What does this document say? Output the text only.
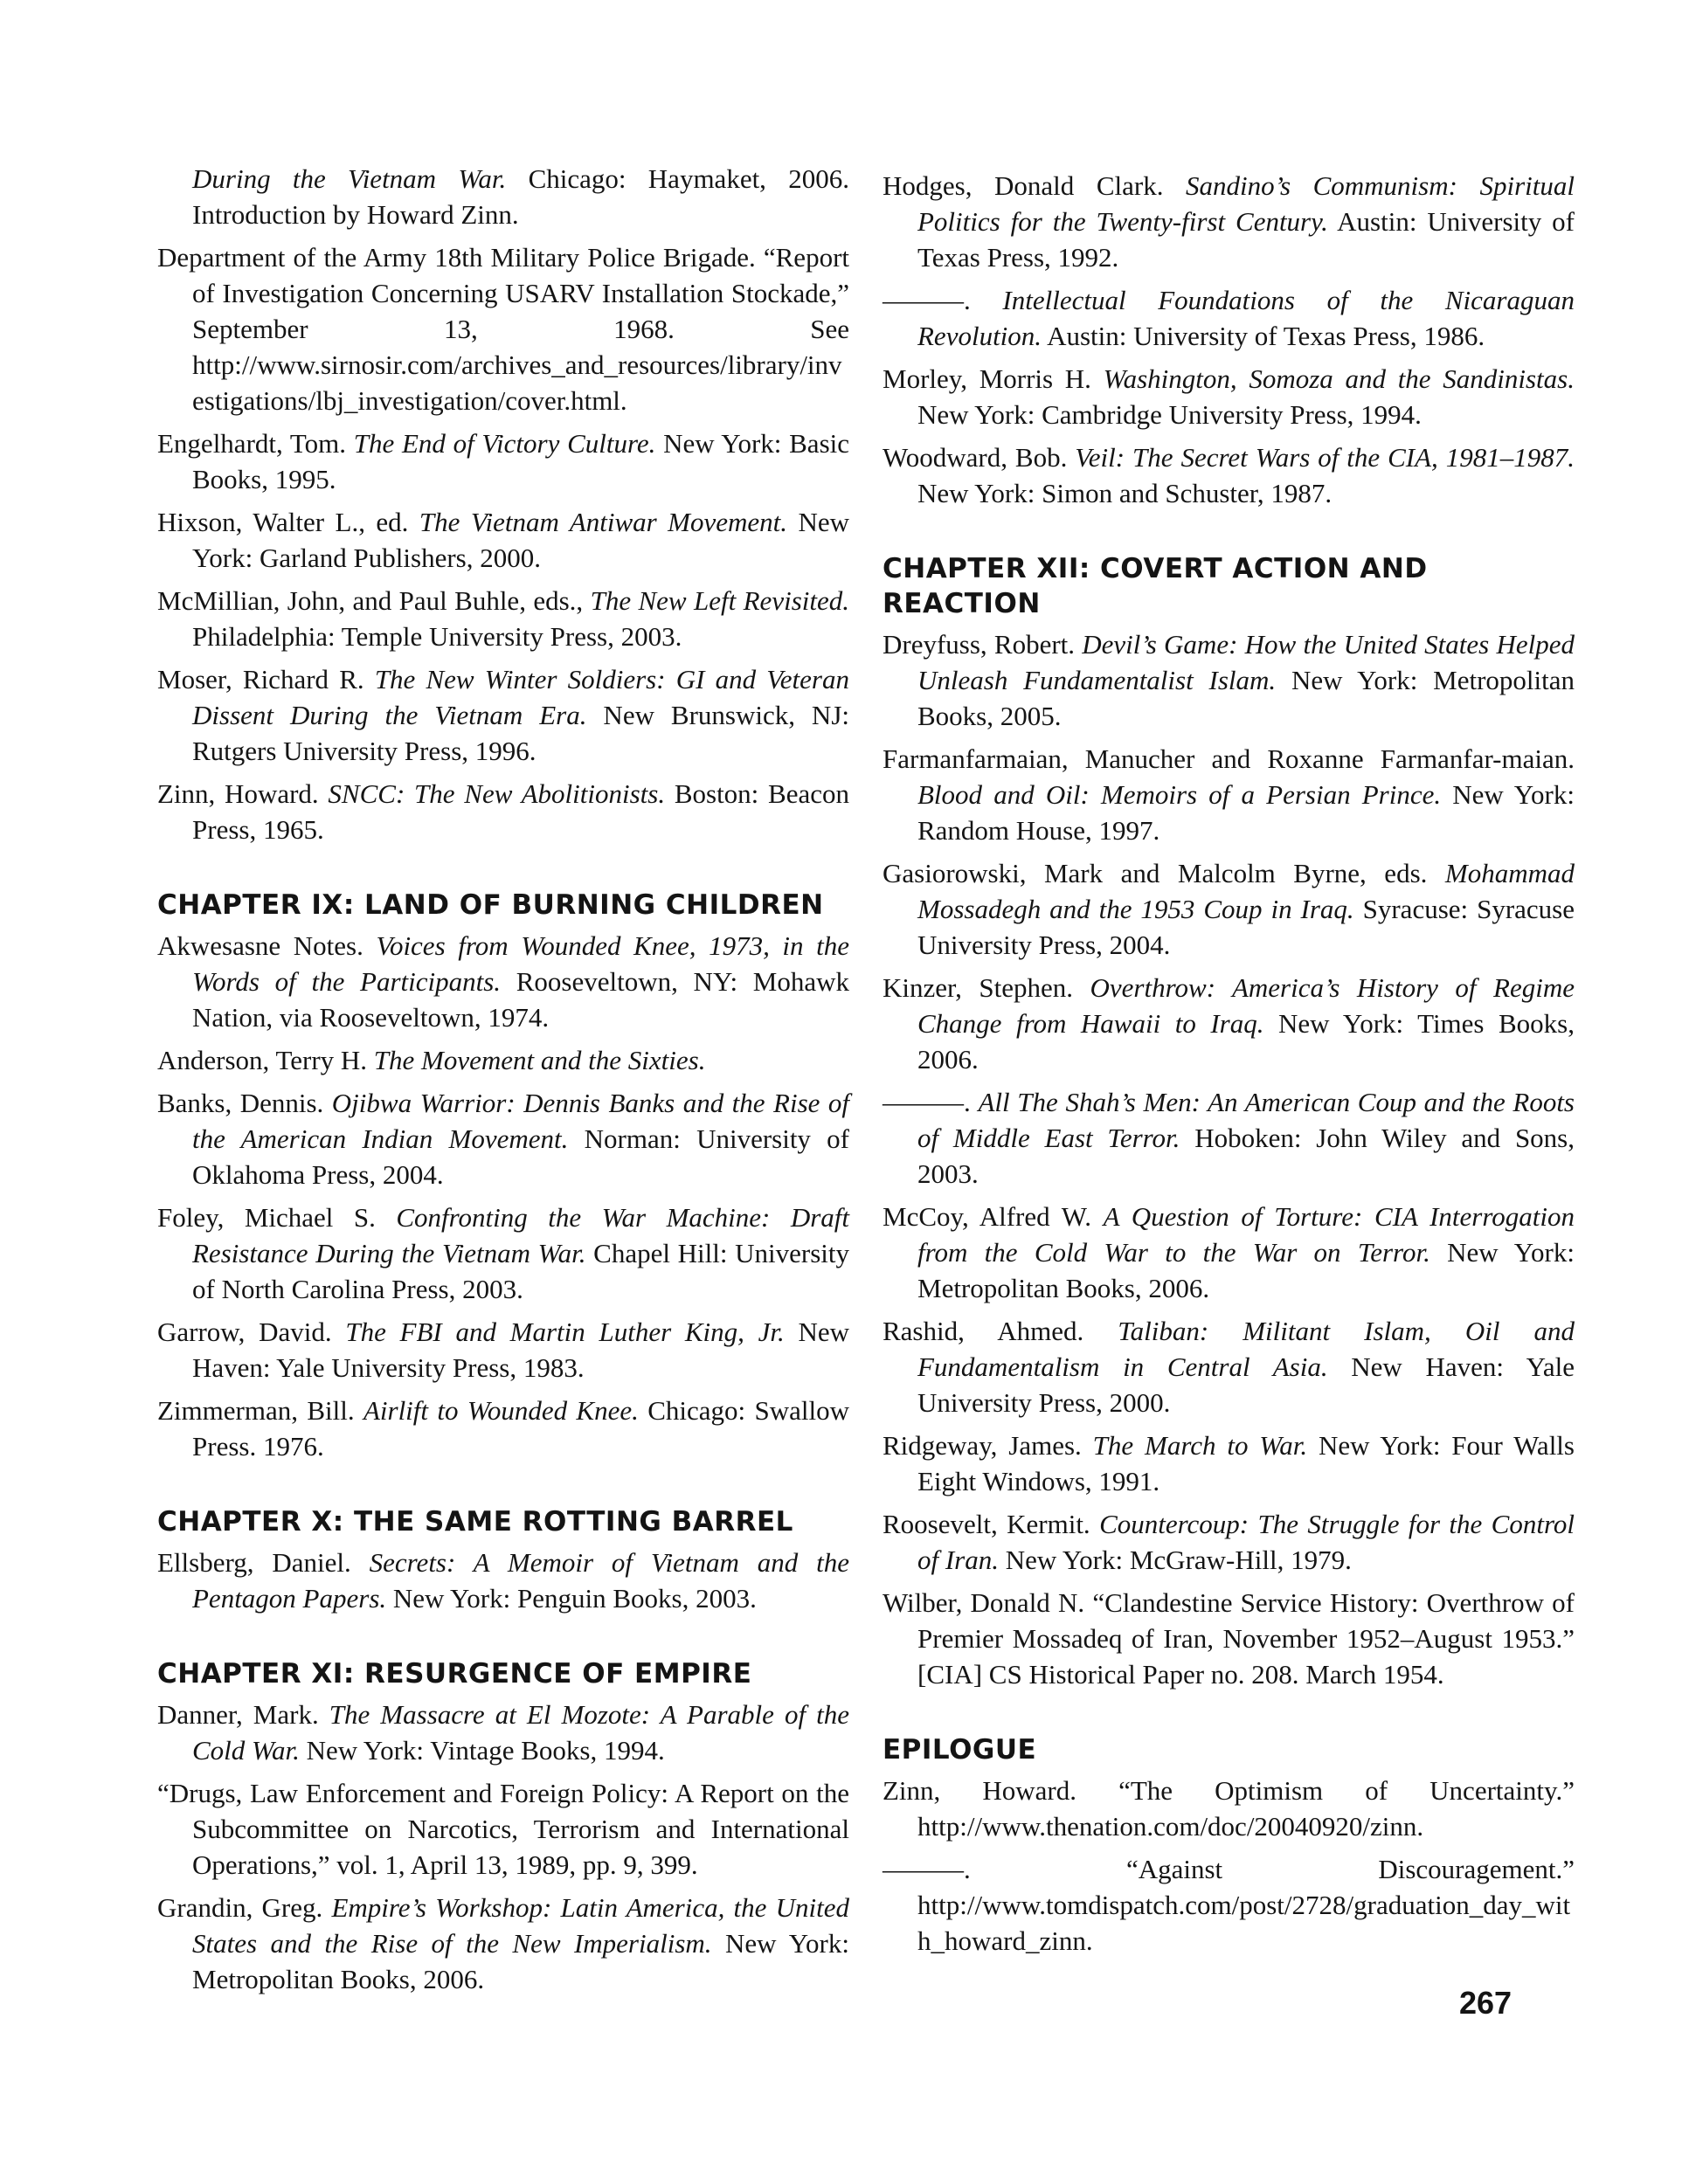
During the Vietnam War. Chicago: Haymaket, 2006. Introduction by Howard Zinn.

Department of the Army 18th Military Police Brigade. “Report of Investigation Concerning USARV Installation Stockade,” September 13, 1968. See http://www.sirnosir.com/archives_and_resources/library/investigations/lbj_investigation/cover.html.

Engelhardt, Tom. The End of Victory Culture. New York: Basic Books, 1995.

Hixson, Walter L., ed. The Vietnam Antiwar Movement. New York: Garland Publishers, 2000.

McMillian, John, and Paul Buhle, eds., The New Left Revisited. Philadelphia: Temple University Press, 2003.

Moser, Richard R. The New Winter Soldiers: GI and Veteran Dissent During the Vietnam Era. New Brunswick, NJ: Rutgers University Press, 1996.

Zinn, Howard. SNCC: The New Abolitionists. Boston: Beacon Press, 1965.

CHAPTER IX: LAND OF BURNING CHILDREN

Akwesasne Notes. Voices from Wounded Knee, 1973, in the Words of the Participants. Rooseveltown, NY: Mohawk Nation, via Rooseveltown, 1974.

Anderson, Terry H. The Movement and the Sixties.

Banks, Dennis. Ojibwa Warrior: Dennis Banks and the Rise of the American Indian Movement. Norman: University of Oklahoma Press, 2004.

Foley, Michael S. Confronting the War Machine: Draft Resistance During the Vietnam War. Chapel Hill: University of North Carolina Press, 2003.

Garrow, David. The FBI and Martin Luther King, Jr. New Haven: Yale University Press, 1983.

Zimmerman, Bill. Airlift to Wounded Knee. Chicago: Swallow Press. 1976.

CHAPTER X: THE SAME ROTTING BARREL

Ellsberg, Daniel. Secrets: A Memoir of Vietnam and the Pentagon Papers. New York: Penguin Books, 2003.

CHAPTER XI: RESURGENCE OF EMPIRE

Danner, Mark. The Massacre at El Mozote: A Parable of the Cold War. New York: Vintage Books, 1994.

“Drugs, Law Enforcement and Foreign Policy: A Report on the Subcommittee on Narcotics, Terrorism and International Operations,” vol. 1, April 13, 1989, pp. 9, 399.

Grandin, Greg. Empire’s Workshop: Latin America, the United States and the Rise of the New Imperialism. New York: Metropolitan Books, 2006.

Hodges, Donald Clark. Sandino’s Communism: Spiritual Politics for the Twenty-first Century. Austin: University of Texas Press, 1992.

———. Intellectual Foundations of the Nicaraguan Revolution. Austin: University of Texas Press, 1986.

Morley, Morris H. Washington, Somoza and the Sandinistas. New York: Cambridge University Press, 1994.

Woodward, Bob. Veil: The Secret Wars of the CIA, 1981–1987. New York: Simon and Schuster, 1987.

CHAPTER XII: COVERT ACTION AND REACTION

Dreyfuss, Robert. Devil’s Game: How the United States Helped Unleash Fundamentalist Islam. New York: Metropolitan Books, 2005.

Farmanfarmaian, Manucher and Roxanne Farmanfar-maian. Blood and Oil: Memoirs of a Persian Prince. New York: Random House, 1997.

Gasiorowski, Mark and Malcolm Byrne, eds. Mohammad Mossadegh and the 1953 Coup in Iraq. Syracuse: Syracuse University Press, 2004.

Kinzer, Stephen. Overthrow: America’s History of Regime Change from Hawaii to Iraq. New York: Times Books, 2006.

———. All The Shah’s Men: An American Coup and the Roots of Middle East Terror. Hoboken: John Wiley and Sons, 2003.

McCoy, Alfred W. A Question of Torture: CIA Interrogation from the Cold War to the War on Terror. New York: Metropolitan Books, 2006.

Rashid, Ahmed. Taliban: Militant Islam, Oil and Fundamentalism in Central Asia. New Haven: Yale University Press, 2000.

Ridgeway, James. The March to War. New York: Four Walls Eight Windows, 1991.

Roosevelt, Kermit. Countercoup: The Struggle for the Control of Iran. New York: McGraw-Hill, 1979.

Wilber, Donald N. “Clandestine Service History: Overthrow of Premier Mossadeq of Iran, November 1952–August 1953.” [CIA] CS Historical Paper no. 208. March 1954.

EPILOGUE

Zinn, Howard. “The Optimism of Uncertainty.” http://www.thenation.com/doc/20040920/zinn.

———. “Against Discouragement.” http://www.tomdispatch.com/post/2728/graduation_day_with_howard_zinn.

267
